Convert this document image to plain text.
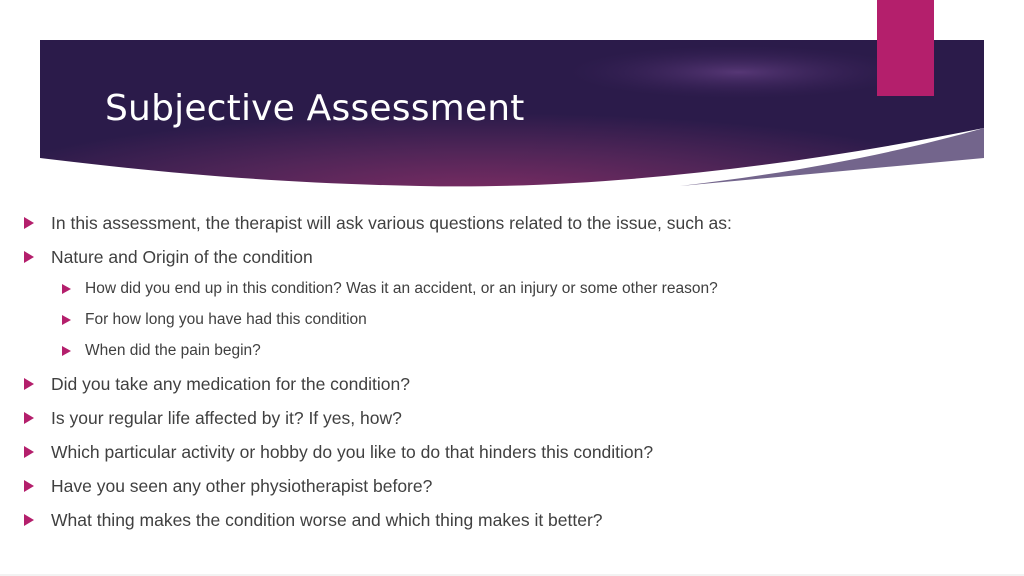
Subjective Assessment
In this assessment, the therapist will ask various questions related to the issue, such as:
Nature and Origin of the condition
How did you end up in this condition? Was it an accident, or an injury or some other reason?
For how long you have had this condition
When did the pain begin?
Did you take any medication for the condition?
Is your regular life affected by it? If yes, how?
Which particular activity or hobby do you like to do that hinders this condition?
Have you seen any other physiotherapist before?
What thing makes the condition worse and which thing makes it better?
